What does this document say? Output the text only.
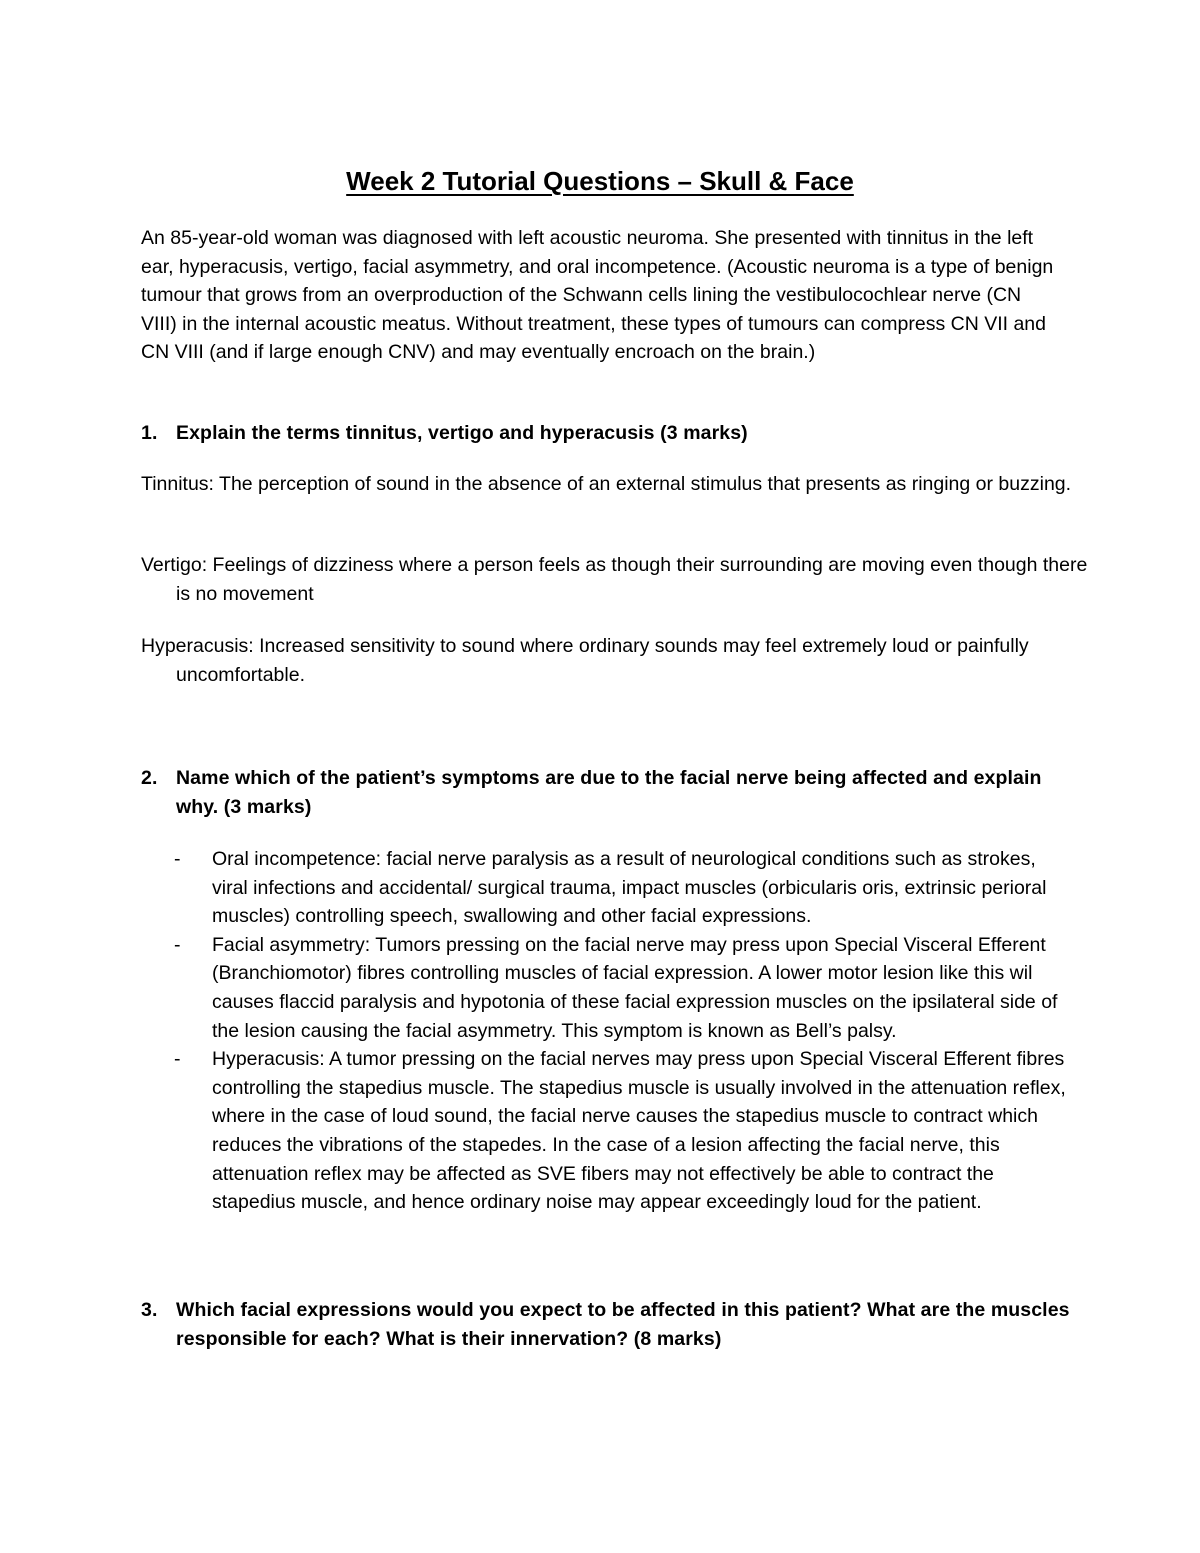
Week 2 Tutorial Questions – Skull & Face

An 85-year-old woman was diagnosed with left acoustic neuroma. She presented with tinnitus in the left ear, hyperacusis, vertigo, facial asymmetry, and oral incompetence. (Acoustic neuroma is a type of benign tumour that grows from an overproduction of the Schwann cells lining the vestibulocochlear nerve (CN VIII) in the internal acoustic meatus. Without treatment, these types of tumours can compress CN VII and CN VIII (and if large enough CNV) and may eventually encroach on the brain.)

1. Explain the terms tinnitus, vertigo and hyperacusis (3 marks)

Tinnitus: The perception of sound in the absence of an external stimulus that presents as ringing or buzzing.

Vertigo: Feelings of dizziness where a person feels as though their surrounding are moving even though there is no movement

Hyperacusis: Increased sensitivity to sound where ordinary sounds may feel extremely loud or painfully uncomfortable.

2. Name which of the patient’s symptoms are due to the facial nerve being affected and explain why. (3 marks)
- Oral incompetence: facial nerve paralysis as a result of neurological conditions such as strokes, viral infections and accidental/ surgical trauma, impact muscles (orbicularis oris, extrinsic perioral muscles) controlling speech, swallowing and other facial expressions.
- Facial asymmetry: Tumors pressing on the facial nerve may press upon Special Visceral Efferent (Branchiomotor) fibres controlling muscles of facial expression. A lower motor lesion like this wil causes flaccid paralysis and hypotonia of these facial expression muscles on the ipsilateral side of the lesion causing the facial asymmetry. This symptom is known as Bell’s palsy.
- Hyperacusis: A tumor pressing on the facial nerves may press upon Special Visceral Efferent fibres controlling the stapedius muscle. The stapedius muscle is usually involved in the attenuation reflex, where in the case of loud sound, the facial nerve causes the stapedius muscle to contract which reduces the vibrations of the stapedes. In the case of a lesion affecting the facial nerve, this attenuation reflex may be affected as SVE fibers may not effectively be able to contract the stapedius muscle, and hence ordinary noise may appear exceedingly loud for the patient.
3. Which facial expressions would you expect to be affected in this patient? What are the muscles responsible for each? What is their innervation? (8 marks)
